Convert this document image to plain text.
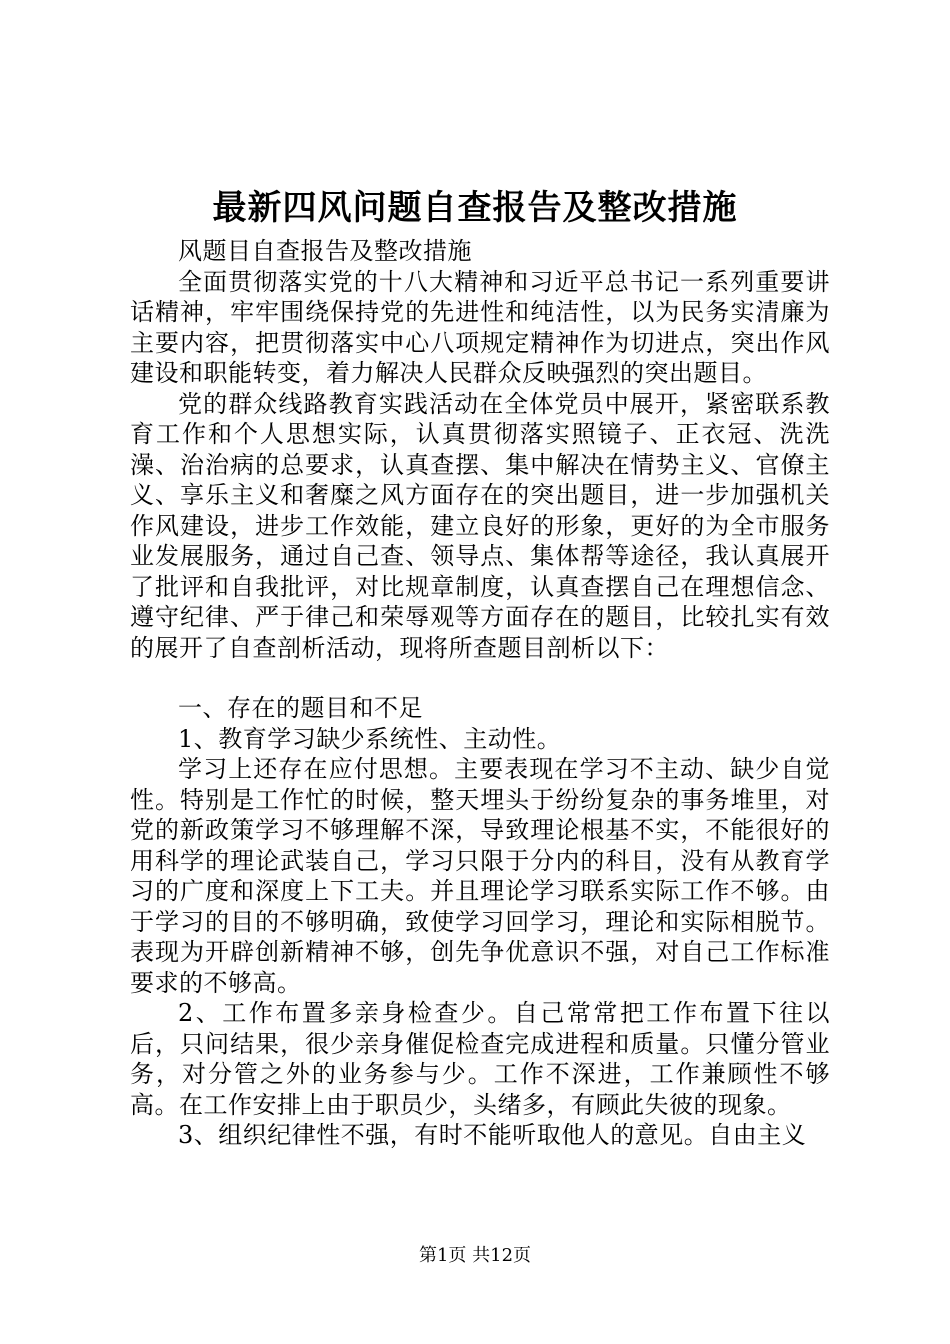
最新四风问题自查报告及整改措施

风题目自查报告及整改措施

全面贯彻落实党的十八大精神和习近平总书记一系列重要讲话精神，牢牢围绕保持党的先进性和纯洁性，以为民务实清廉为主要内容，把贯彻落实中心八项规定精神作为切进点，突出作风建设和职能转变，着力解决人民群众反映强烈的突出题目。

党的群众线路教育实践活动在全体党员中展开，紧密联系教育工作和个人思想实际，认真贯彻落实照镜子、正衣冠、洗洗澡、治治病的总要求，认真查摆、集中解决在情势主义、官僚主义、享乐主义和奢糜之风方面存在的突出题目，进一步加强机关作风建设，进步工作效能，建立良好的形象，更好的为全市服务业发展服务，通过自己查、领导点、集体帮等途径，我认真展开了批评和自我批评，对比规章制度，认真查摆自己在理想信念、遵守纪律、严于律己和荣辱观等方面存在的题目，比较扎实有效的展开了自查剖析活动，现将所查题目剖析以下：

一、存在的题目和不足

1、教育学习缺少系统性、主动性。

学习上还存在应付思想。主要表现在学习不主动、缺少自觉性。特别是工作忙的时候，整天埋头于纷纷复杂的事务堆里，对党的新政策学习不够理解不深，导致理论根基不实，不能很好的用科学的理论武装自己，学习只限于分内的科目，没有从教育学习的广度和深度上下工夫。并且理论学习联系实际工作不够。由于学习的目的不够明确，致使学习回学习，理论和实际相脱节。表现为开辟创新精神不够，创先争优意识不强，对自己工作标准要求的不够高。

2、工作布置多亲身检查少。自己常常把工作布置下往以后，只问结果，很少亲身催促检查完成进程和质量。只懂分管业务，对分管之外的业务参与少。工作不深进，工作兼顾性不够高。在工作安排上由于职员少，头绪多，有顾此失彼的现象。

3、组织纪律性不强，有时不能听取他人的意见。自由主义

第1页 共12页
